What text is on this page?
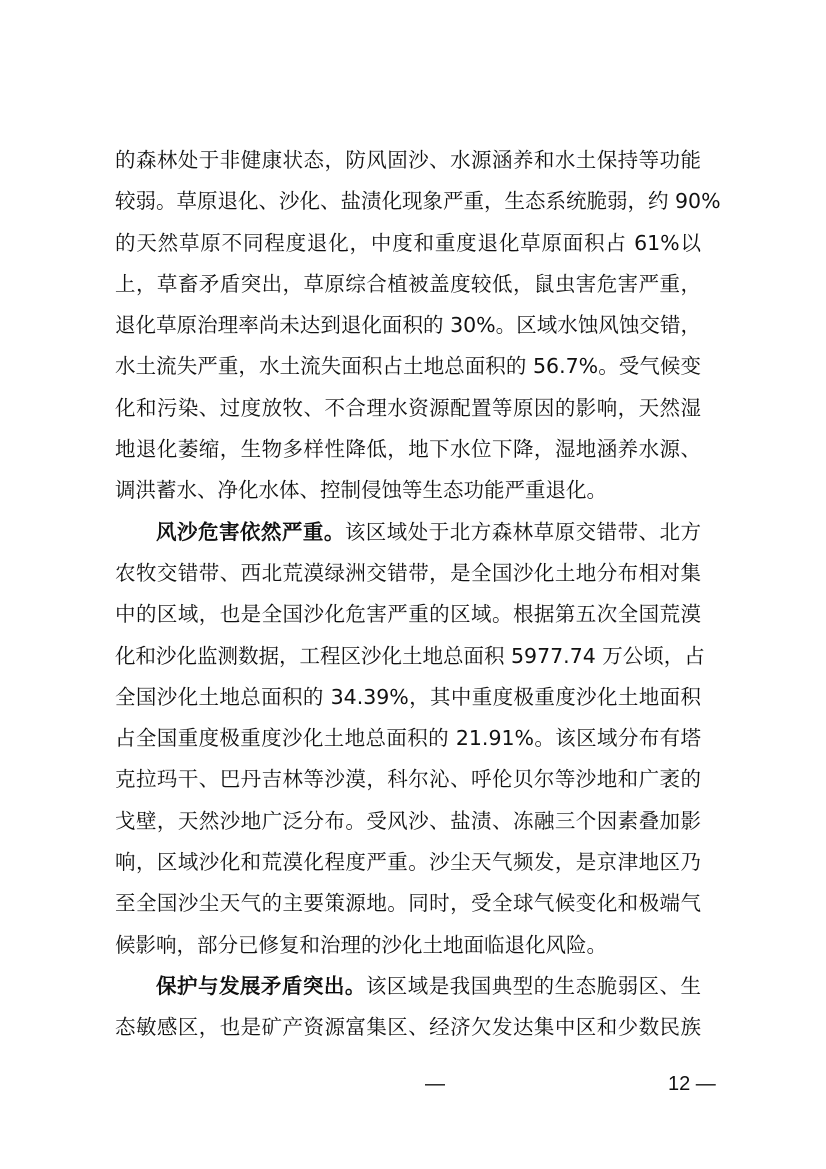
的森林处于非健康状态，防风固沙、水源涵养和水土保持等功能
较弱。草原退化、沙化、盐渍化现象严重，生态系统脆弱，约 90%
的天然草原不同程度退化，中度和重度退化草原面积占 61%以
上，草畜矛盾突出，草原综合植被盖度较低，鼠虫害危害严重，
退化草原治理率尚未达到退化面积的 30%。区域水蚀风蚀交错，
水土流失严重，水土流失面积占土地总面积的 56.7%。受气候变
化和污染、过度放牧、不合理水资源配置等原因的影响，天然湿
地退化萎缩，生物多样性降低，地下水位下降，湿地涵养水源、
调洪蓄水、净化水体、控制侵蚀等生态功能严重退化。
风沙危害依然严重。该区域处于北方森林草原交错带、北方
农牧交错带、西北荒漠绿洲交错带，是全国沙化土地分布相对集
中的区域，也是全国沙化危害严重的区域。根据第五次全国荒漠
化和沙化监测数据，工程区沙化土地总面积 5977.74 万公顷，占
全国沙化土地总面积的 34.39%，其中重度极重度沙化土地面积
占全国重度极重度沙化土地总面积的 21.91%。该区域分布有塔
克拉玛干、巴丹吉林等沙漠，科尔沁、呼伦贝尔等沙地和广袤的
戈壁，天然沙地广泛分布。受风沙、盐渍、冻融三个因素叠加影
响，区域沙化和荒漠化程度严重。沙尘天气频发，是京津地区乃
至全国沙尘天气的主要策源地。同时，受全球气候变化和极端气
候影响，部分已修复和治理的沙化土地面临退化风险。
保护与发展矛盾突出。该区域是我国典型的生态脆弱区、生
态敏感区，也是矿产资源富集区、经济欠发达集中区和少数民族
—	12 —
